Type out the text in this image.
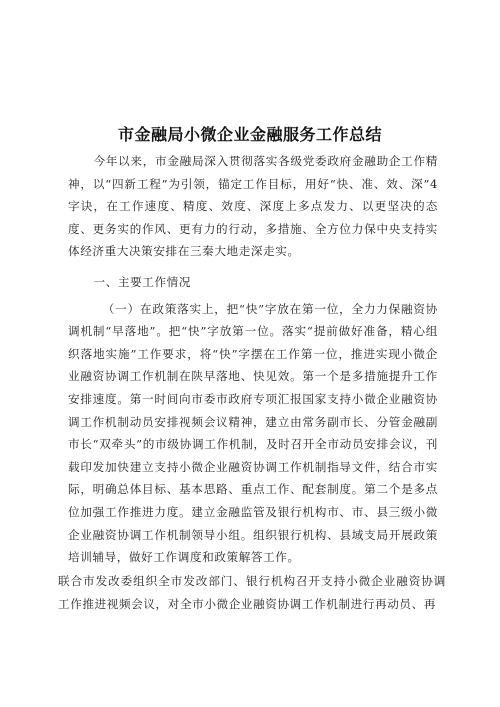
市金融局小微企业金融服务工作总结

今年以来，市金融局深入贯彻落实各级党委政府金融助企工作精神，以“四新工程”为引领，锚定工作目标，用好“快、准、效、深”4字诀，在工作速度、精度、效度、深度上多点发力、以更坚决的态度、更务实的作风、更有力的行动，多措施、全方位力保中央支持实体经济重大决策安排在三秦大地走深走实。

一、主要工作情况

（一）在政策落实上，把“快”字放在第一位，全力力保融资协调机制“早落地”。把“快”字放第一位。落实“提前做好准备，精心组织落地实施”工作要求，将“快”字摆在工作第一位，推进实现小微企业融资协调工作机制在陕早落地、快见效。第一个是多措施提升工作安排速度。第一时间向市委市政府专项汇报国家支持小微企业融资协调工作机制动员安排视频会议精神，建立由常务副市长、分管金融副市长“双牵头”的市级协调工作机制，及时召开全市动员安排会议，刊载印发加快建立支持小微企业融资协调工作机制指导文件，结合市实际，明确总体目标、基本思路、重点工作、配套制度。第二个是多点位加强工作推进力度。建立金融监管及银行机构市、市、县三级小微企业融资协调工作机制领导小组。组织银行机构、县域支局开展政策培训辅导，做好工作调度和政策解答工作。

联合市发改委组织全市发改部门、银行机构召开支持小微企业融资协调工作推进视频会议，对全市小微企业融资协调工作机制进行再动员、再
